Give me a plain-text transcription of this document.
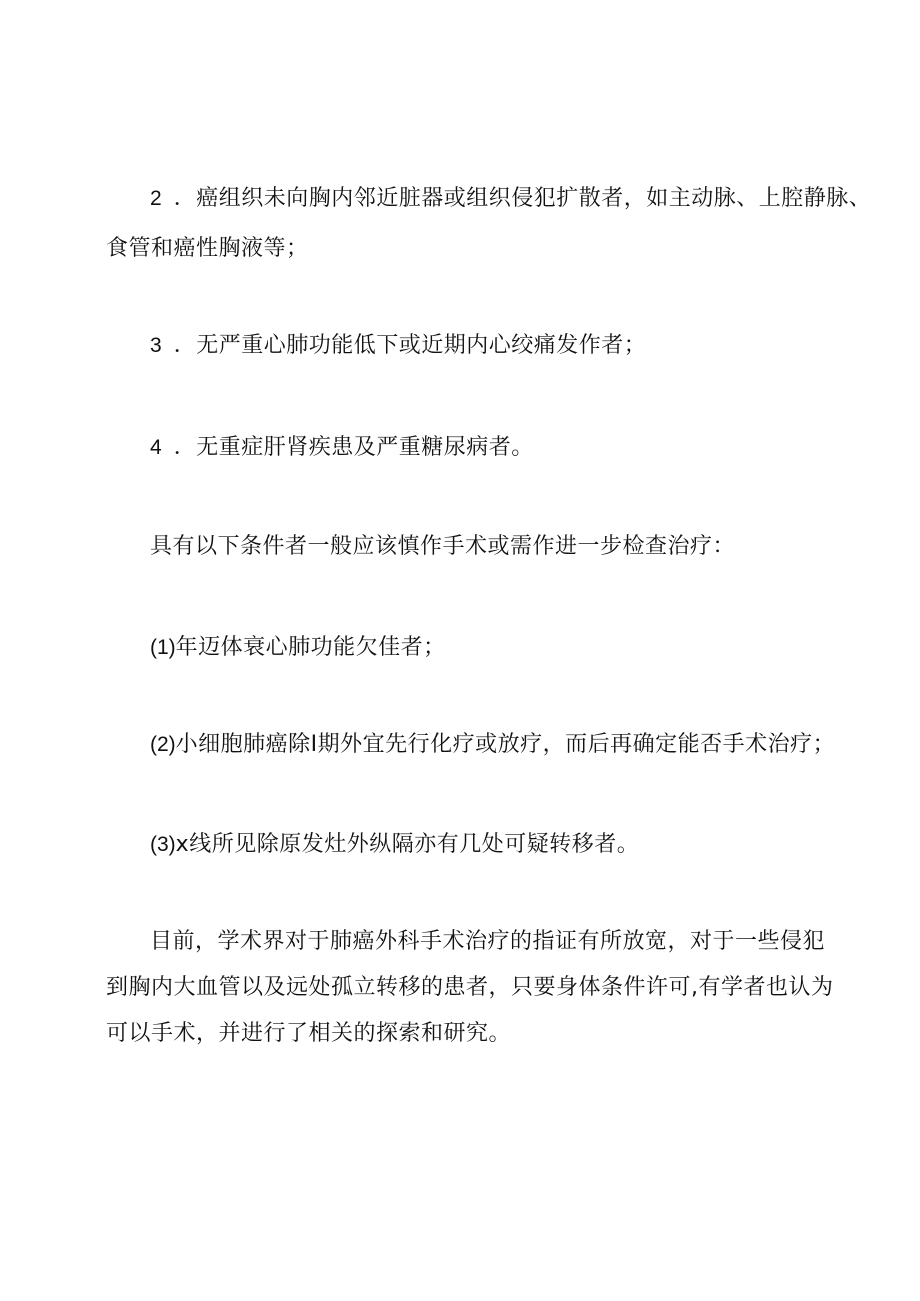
2 ．癌组织未向胸内邻近脏器或组织侵犯扩散者，如主动脉、上腔静脉、
食管和癌性胸液等；
3 ．无严重心肺功能低下或近期内心绞痛发作者；
4 ．无重症肝肾疾患及严重糖尿病者。
具有以下条件者一般应该慎作手术或需作进一步检查治疗：
(1)年迈体衰心肺功能欠佳者；
(2)小细胞肺癌除I期外宜先行化疗或放疗，而后再确定能否手术治疗；
(3)x线所见除原发灶外纵隔亦有几处可疑转移者。
目前，学术界对于肺癌外科手术治疗的指证有所放宽，对于一些侵犯
到胸内大血管以及远处孤立转移的患者，只要身体条件许可,有学者也认为
可以手术，并进行了相关的探索和研究。
